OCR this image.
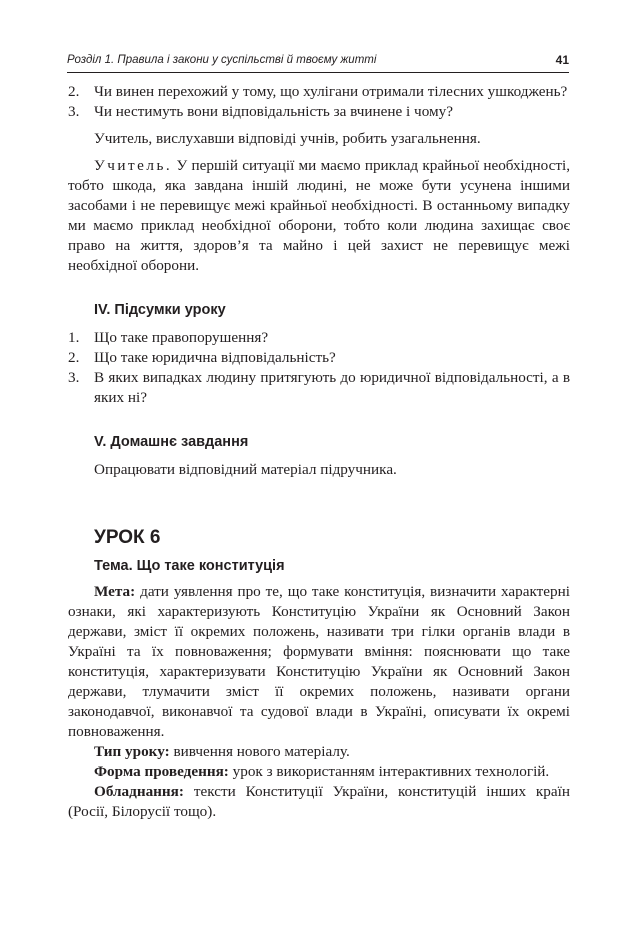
Розділ 1. Правила і закони у суспільстві й твоєму житті	41
2. Чи винен перехожий у тому, що хулігани отримали тілесних ушкоджень?
3. Чи нестимуть вони відповідальність за вчинене і чому?

Учитель, вислухавши відповіді учнів, робить узагальнення.

Учитель. У першій ситуації ми маємо приклад крайньої необхідності, тобто шкода, яка завдана іншій людині, не може бути усунена іншими засобами і не перевищує межі крайньої необхідності. В останньому випадку ми маємо приклад необхідної оборони, тобто коли людина захищає своє право на життя, здоров’я та майно і цей захист не перевищує межі необхідної оборони.

IV. Підсумки уроку
1. Що таке правопорушення?
2. Що таке юридична відповідальність?
3. В яких випадках людину притягують до юридичної відповідальності, а в яких ні?
V. Домашнє завдання

Опрацювати відповідний матеріал підручника.

УРОК 6
Тема. Що таке конституція

Мета: дати уявлення про те, що таке конституція, визначити характерні ознаки, які характеризують Конституцію України як Основний Закон держави, зміст її окремих положень, називати три гілки органів влади в Україні та їх повноваження; формувати вміння: пояснювати що таке конституція, характеризувати Конституцію України як Основний Закон держави, тлумачити зміст її окремих положень, називати органи законодавчої, виконавчої та судової влади в Україні, описувати їх окремі повноваження.

Тип уроку: вивчення нового матеріалу.

Форма проведення: урок з використанням інтерактивних технологій.

Обладнання: тексти Конституції України, конституцій інших країн (Росії, Білорусії тощо).
